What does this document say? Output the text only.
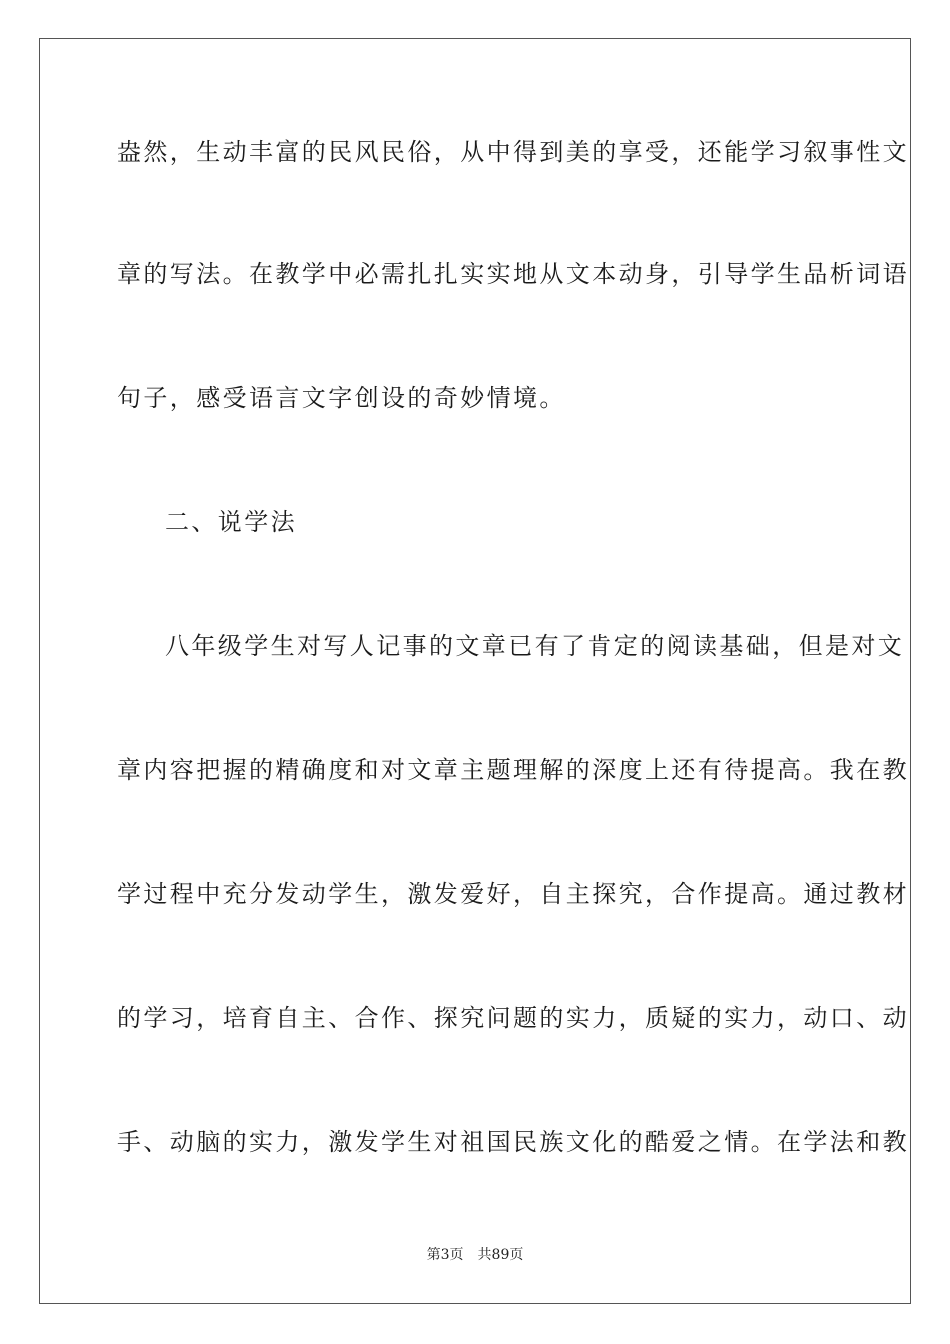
盎然，生动丰富的民风民俗，从中得到美的享受，还能学习叙事性文
章的写法。在教学中必需扎扎实实地从文本动身，引导学生品析词语
句子，感受语言文字创设的奇妙情境。
二、说学法
八年级学生对写人记事的文章已有了肯定的阅读基础，但是对文
章内容把握的精确度和对文章主题理解的深度上还有待提高。我在教
学过程中充分发动学生，激发爱好，自主探究，合作提高。通过教材
的学习，培育自主、合作、探究问题的实力，质疑的实力，动口、动
手、动脑的实力，激发学生对祖国民族文化的酷爱之情。在学法和教
第3页 共89页
